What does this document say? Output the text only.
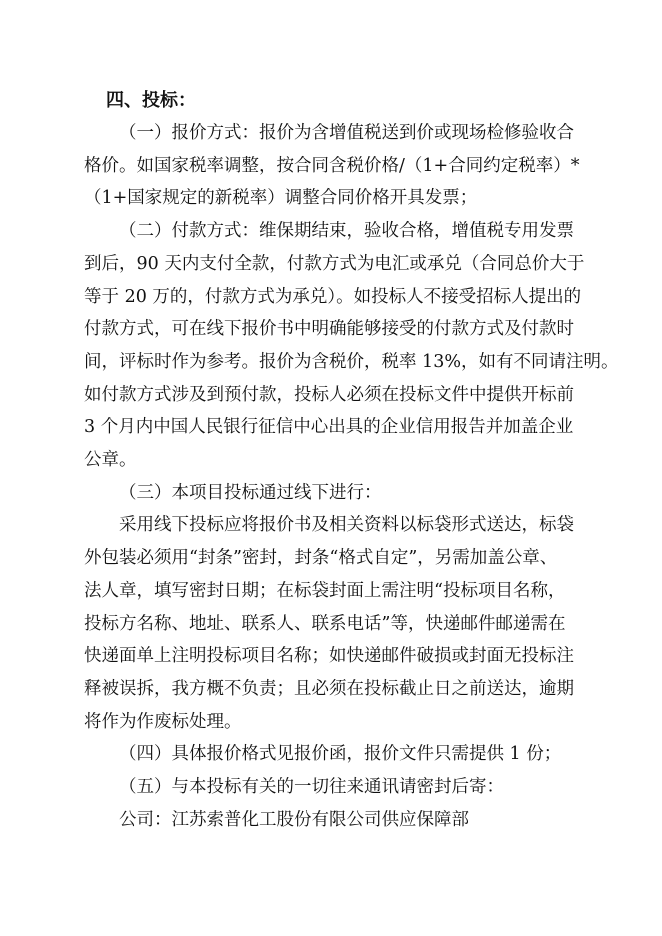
四、投标：
（一）报价方式：报价为含增值税送到价或现场检修验收合
格价。如国家税率调整，按合同含税价格/（1+合同约定税率）*
（1+国家规定的新税率）调整合同价格开具发票；
（二）付款方式：维保期结束，验收合格，增值税专用发票
到后，90 天内支付全款，付款方式为电汇或承兑（合同总价大于
等于 20 万的，付款方式为承兑）。如投标人不接受招标人提出的
付款方式，可在线下报价书中明确能够接受的付款方式及付款时
间，评标时作为参考。报价为含税价，税率 13%，如有不同请注明。
如付款方式涉及到预付款，投标人必须在投标文件中提供开标前
3 个月内中国人民银行征信中心出具的企业信用报告并加盖企业
公章。
（三）本项目投标通过线下进行：
采用线下投标应将报价书及相关资料以标袋形式送达，标袋
外包装必须用“封条”密封，封条“格式自定”，另需加盖公章、
法人章，填写密封日期；在标袋封面上需注明“投标项目名称，
投标方名称、地址、联系人、联系电话”等，快递邮件邮递需在
快递面单上注明投标项目名称；如快递邮件破损或封面无投标注
释被误拆，我方概不负责；且必须在投标截止日之前送达，逾期
将作为作废标处理。
（四）具体报价格式见报价函，报价文件只需提供 1 份；
（五）与本投标有关的一切往来通讯请密封后寄：
公司：江苏索普化工股份有限公司供应保障部
